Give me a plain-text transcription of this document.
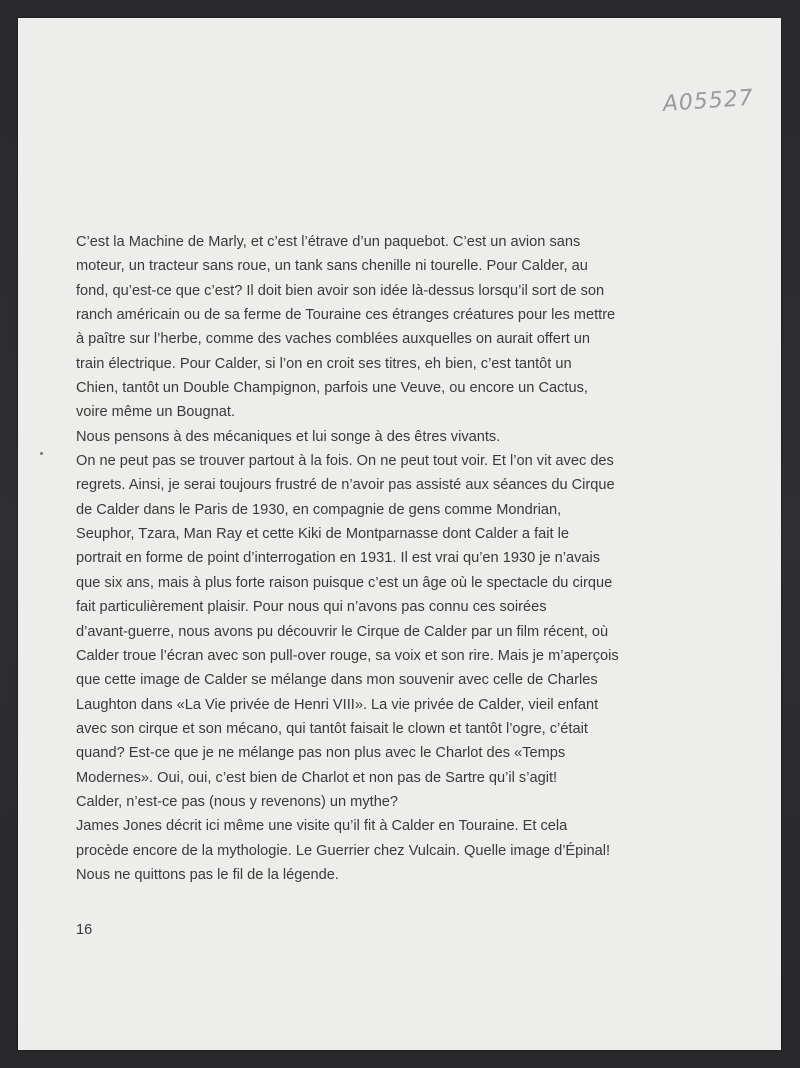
A05527
C’est la Machine de Marly, et c’est l’étrave d’un paquebot. C’est un avion sans
moteur, un tracteur sans roue, un tank sans chenille ni tourelle. Pour Calder, au
fond, qu’est-ce que c’est? Il doit bien avoir son idée là-dessus lorsqu’il sort de son
ranch américain ou de sa ferme de Touraine ces étranges créatures pour les mettre
à paître sur l’herbe, comme des vaches comblées auxquelles on aurait offert un
train électrique. Pour Calder, si l’on en croit ses titres, eh bien, c’est tantôt un
Chien, tantôt un Double Champignon, parfois une Veuve, ou encore un Cactus,
voire même un Bougnat.
Nous pensons à des mécaniques et lui songe à des êtres vivants.
On ne peut pas se trouver partout à la fois. On ne peut tout voir. Et l’on vit avec des
regrets. Ainsi, je serai toujours frustré de n’avoir pas assisté aux séances du Cirque
de Calder dans le Paris de 1930, en compagnie de gens comme Mondrian,
Seuphor, Tzara, Man Ray et cette Kiki de Montparnasse dont Calder a fait le
portrait en forme de point d’interrogation en 1931. Il est vrai qu’en 1930 je n’avais
que six ans, mais à plus forte raison puisque c’est un âge où le spectacle du cirque
fait particulièrement plaisir. Pour nous qui n’avons pas connu ces soirées
d’avant-guerre, nous avons pu découvrir le Cirque de Calder par un film récent, où
Calder troue l’écran avec son pull-over rouge, sa voix et son rire. Mais je m’aperçois
que cette image de Calder se mélange dans mon souvenir avec celle de Charles
Laughton dans «La Vie privée de Henri VIII». La vie privée de Calder, vieil enfant
avec son cirque et son mécano, qui tantôt faisait le clown et tantôt l’ogre, c’était
quand? Est-ce que je ne mélange pas non plus avec le Charlot des «Temps
Modernes». Oui, oui, c’est bien de Charlot et non pas de Sartre qu’il s’agit!
Calder, n’est-ce pas (nous y revenons) un mythe?
James Jones décrit ici même une visite qu’il fit à Calder en Touraine. Et cela
procède encore de la mythologie. Le Guerrier chez Vulcain. Quelle image d’Épinal!
Nous ne quittons pas le fil de la légende.
16
